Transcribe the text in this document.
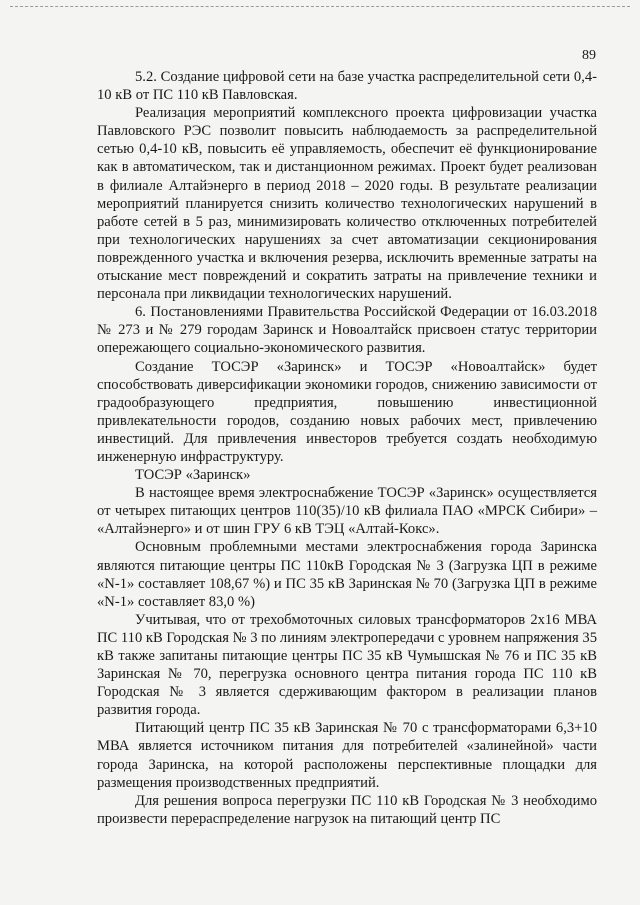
89

5.2. Создание цифровой сети на базе участка распределительной сети 0,4-10 кВ от ПС 110 кВ Павловская.

Реализация мероприятий комплексного проекта цифровизации участка Павловского РЭС позволит повысить наблюдаемость за распределительной сетью 0,4-10 кВ, повысить её управляемость, обеспечит её функционирование как в автоматическом, так и дистанционном режимах. Проект будет реализован в филиале Алтайэнерго в период 2018 – 2020 годы. В результате реализации мероприятий планируется снизить количество технологических нарушений в работе сетей в 5 раз, минимизировать количество отключенных потребителей при технологических нарушениях за счет автоматизации секционирования поврежденного участка и включения резерва, исключить временные затраты на отыскание мест повреждений и сократить затраты на привлечение техники и персонала при ликвидации технологических нарушений.

6. Постановлениями Правительства Российской Федерации от 16.03.2018 № 273 и № 279 городам Заринск и Новоалтайск присвоен статус территории опережающего социально-экономического развития.

Создание ТОСЭР «Заринск» и ТОСЭР «Новоалтайск» будет способствовать диверсификации экономики городов, снижению зависимости от градообразующего предприятия, повышению инвестиционной привлекательности городов, созданию новых рабочих мест, привлечению инвестиций. Для привлечения инвесторов требуется создать необходимую инженерную инфраструктуру.

ТОСЭР «Заринск»

В настоящее время электроснабжение ТОСЭР «Заринск» осуществляется от четырех питающих центров 110(35)/10 кВ филиала ПАО «МРСК Сибири» – «Алтайэнерго» и от шин ГРУ 6 кВ ТЭЦ «Алтай-Кокс».

Основным проблемными местами электроснабжения города Заринска являются питающие центры ПС 110кВ Городская № 3 (Загрузка ЦП в режиме «N-1» составляет 108,67 %) и ПС 35 кВ Заринская № 70 (Загрузка ЦП в режиме «N-1» составляет 83,0 %)

Учитывая, что от трехобмоточных силовых трансформаторов 2х16 МВА ПС 110 кВ Городская № 3 по линиям электропередачи с уровнем напряжения 35 кВ также запитаны питающие центры ПС 35 кВ Чумышская № 76 и ПС 35 кВ Заринская № 70, перегрузка основного центра питания города ПС 110 кВ Городская № 3 является сдерживающим фактором в реализации планов развития города.

Питающий центр ПС 35 кВ Заринская № 70 с трансформаторами 6,3+10 МВА является источником питания для потребителей «залинейной» части города Заринска, на которой расположены перспективные площадки для размещения производственных предприятий.

Для решения вопроса перегрузки ПС 110 кВ Городская № 3 необходимо произвести перераспределение нагрузок на питающий центр ПС
